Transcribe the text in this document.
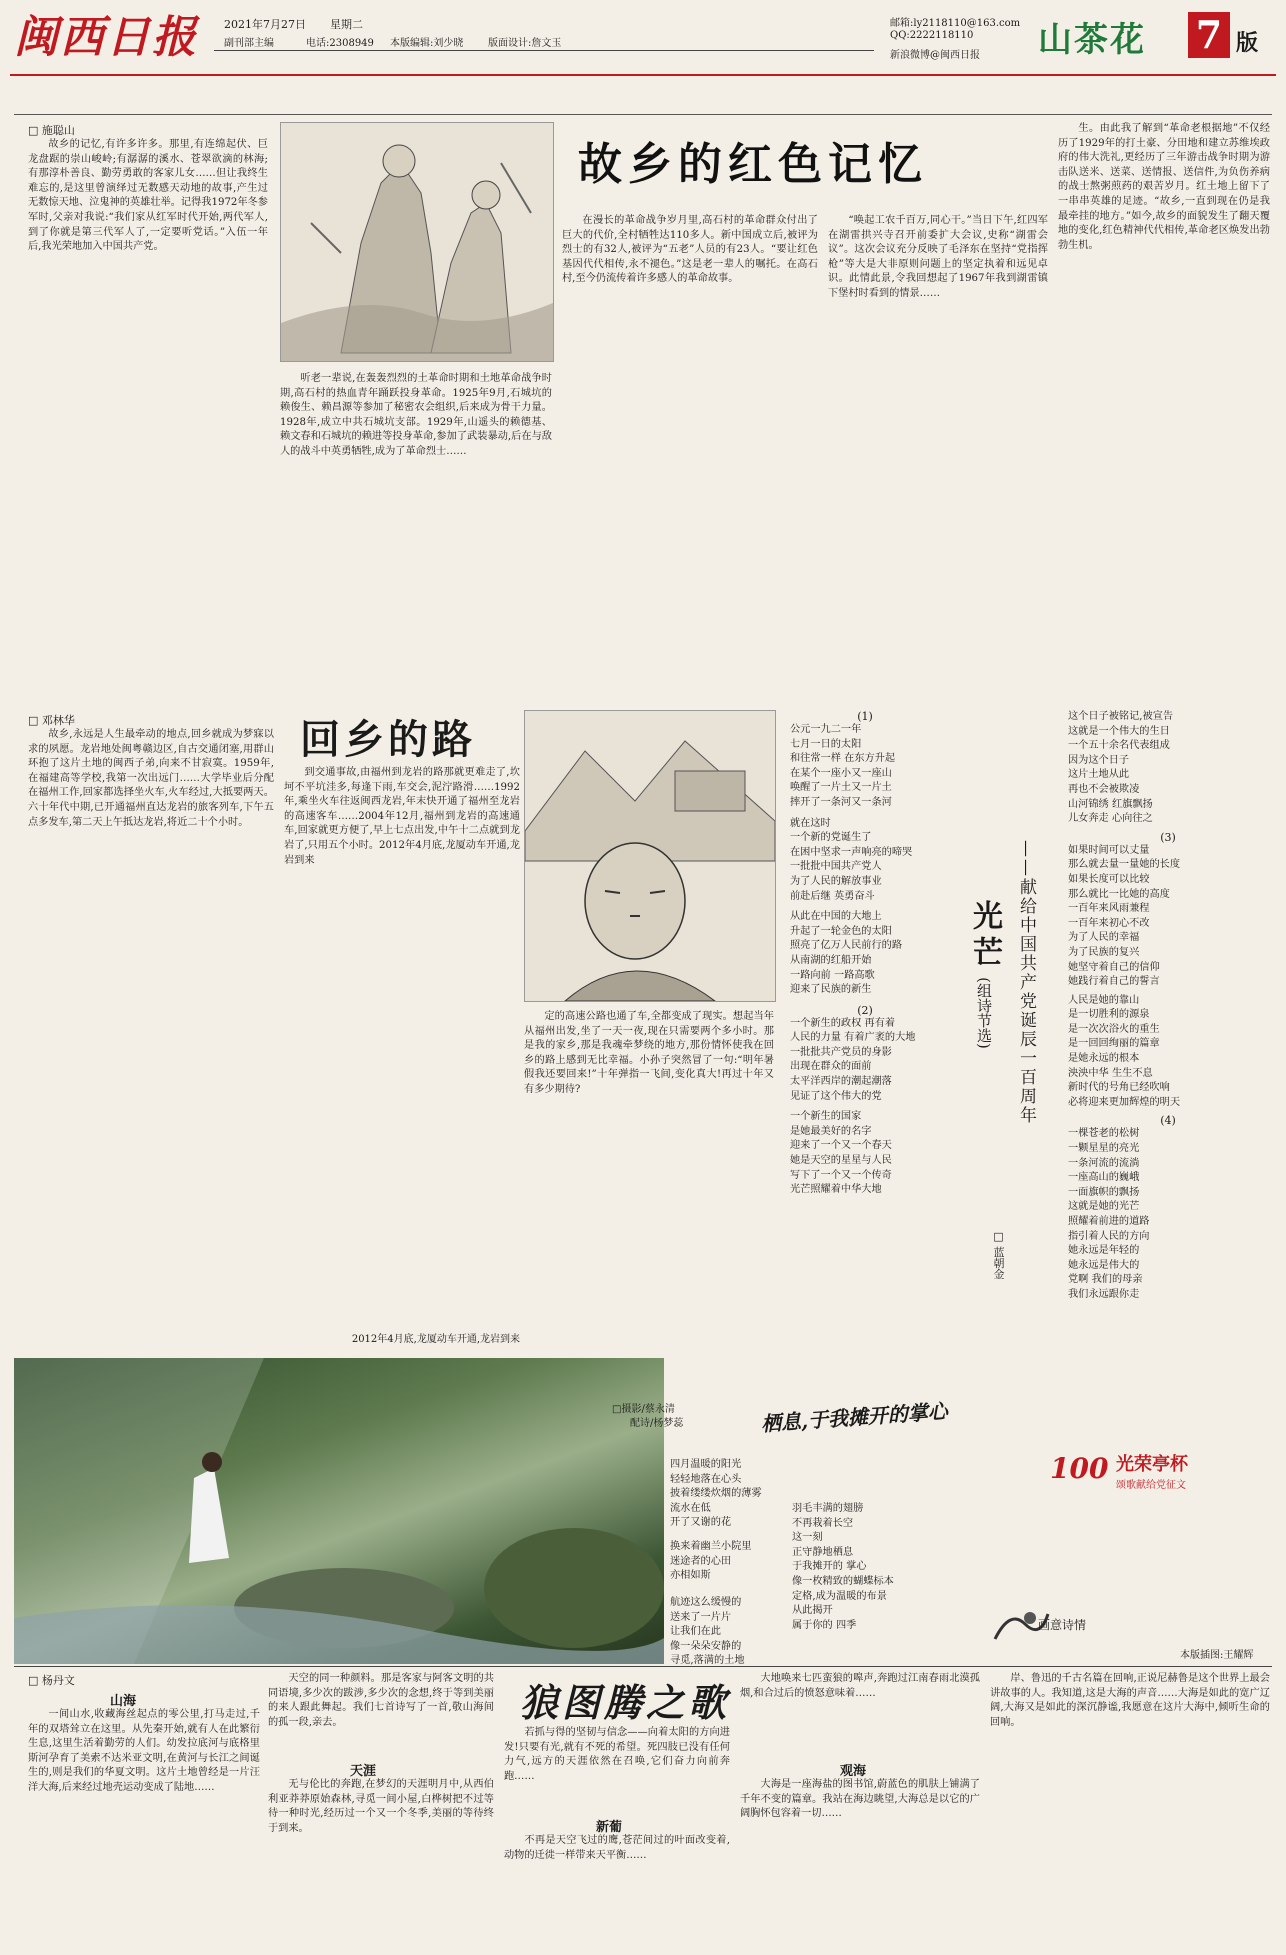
闽西日报 2021年7月27日 星期二
副刊部主编	电话:2308949 本版编辑:刘少晓 版面设计:詹文玉
邮箱:ly2118110@163.com
QQ:2222118110
新浪微博@闽西日报 山茶花 7 版
□ 施聪山

故乡的记忆,有许多许多。那里,有连绵起伏、巨龙盘踞的崇山峻岭;有潺潺的溪水、苍翠欲滴的林海;有那淳朴善良、勤劳勇敢的客家儿女……但让我终生难忘的,是这里曾演绎过无数感天动地的故事,产生过无数惊天地、泣鬼神的英雄壮举。记得我1972年冬参军时,父亲对我说:“我们家从红军时代开始,两代军人,到了你就是第三代军人了,一定要听党话。”入伍一年后,我光荣地加入中国共产党。

故乡的红色记忆

听老一辈说,在轰轰烈烈的土革命时期和土地革命战争时期,高石村的热血青年踊跃投身革命。1925年9月,石城坑的赖俊生、赖昌源等参加了秘密农会组织,后来成为骨干力量。1928年,成立中共石城坑支部。1929年,山遥头的赖德基、赖文春和石城坑的赖进等投身革命,参加了武装暴动,后在与敌人的战斗中英勇牺牲,成为了革命烈士……

在漫长的革命战争岁月里,高石村的革命群众付出了巨大的代价,全村牺牲达110多人。新中国成立后,被评为烈士的有32人,被评为“五老”人员的有23人。“要让红色基因代代相传,永不褪色。”这是老一辈人的嘱托。在高石村,至今仍流传着许多感人的革命故事。

“唤起工农千百万,同心干。”当日下午,红四军在湖雷拱兴寺召开前委扩大会议,史称“湖雷会议”。这次会议充分反映了毛泽东在坚持“党指挥枪”等大是大非原则问题上的坚定执着和远见卓识。此情此景,令我回想起了1967年我到湖雷镇下堡村时看到的情景……

生。由此我了解到“革命老根据地”不仅经历了1929年的打土豪、分田地和建立苏维埃政府的伟大洗礼,更经历了三年游击战争时期为游击队送米、送菜、送情报、送信件,为负伤养病的战士熬粥煎药的艰苦岁月。红土地上留下了一串串英雄的足迹。“故乡,一直到现在仍是我最牵挂的地方。”如今,故乡的面貌发生了翻天覆地的变化,红色精神代代相传,革命老区焕发出勃勃生机。

□ 邓林华	回乡的路

故乡,永远是人生最牵动的地点,回乡就成为梦寐以求的夙愿。龙岩地处闽粤赣边区,自古交通闭塞,用群山环抱了这片土地的闽西子弟,向来不甘寂寞。1959年,在福建高等学校,我第一次出远门……大学毕业后分配在福州工作,回家都选择坐火车,火车经过,大抵要两天。六十年代中期,已开通福州直达龙岩的旅客列车,下午五点多发车,第二天上午抵达龙岩,将近二十个小时。

到交通事故,由福州到龙岩的路那就更难走了,坎坷不平坑洼多,每逢下雨,车交会,泥泞路滑……1992年,乘坐火车往返闽西龙岩,年末快开通了福州至龙岩的高速客车……2004年12月,福州到龙岩的高速通车,回家就更方便了,早上七点出发,中午十二点就到龙岩了,只用五个小时。2012年4月底,龙厦动车开通,龙岩到来

2012年4月底,龙厦动车开通,龙岩到来

定的高速公路也通了车,全都变成了现实。想起当年从福州出发,坐了一天一夜,现在只需要两个多小时。那是我的家乡,那是我魂牵梦绕的地方,那份情怀使我在回乡的路上感到无比幸福。小孙子突然冒了一句:“明年暑假我还要回来!”十年弹指一飞间,变化真大!再过十年又有多少期待?

(1)
公元一九二一年
七月一日的太阳
和往常一样 在东方升起
在某个一座小又一座山
唤醒了一片土又一片土
摔开了一条河又一条河
就在这时
一个新的党诞生了
在困中坚求一声响亮的啼哭
一批批中国共产党人
为了人民的解放事业
前赴后继 英勇奋斗
从此在中国的大地上
升起了一轮金色的太阳
照亮了亿万人民前行的路
从南湖的红船开始
一路向前 一路高歌
迎来了民族的新生
(2)
一个新生的政权 再有着
人民的力量 有着广袤的大地
一批批共产党员的身影
出现在群众的面前
太平洋西岸的潮起潮落
见证了这个伟大的党
一个新生的国家
是她最美好的名字
迎来了一个又一个春天
她是天空的星星与人民
写下了一个又一个传奇
光芒照耀着中华大地
光芒 (组诗节选)	——献给中国共产党诞辰一百周年
□ 蓝朝金
这个日子被铭记,被宣告
这就是一个伟大的生日
一个五十余名代表组成
因为这个日子
这片土地从此
再也不会被欺凌
山河锦绣 红旗飘扬
儿女奔走 心向往之
(3)
如果时间可以丈量
那么就去量一量她的长度
如果长度可以比较
那么就比一比她的高度
一百年来风雨兼程
一百年来初心不改
为了人民的幸福
为了民族的复兴
她坚守着自己的信仰
她践行着自己的誓言
人民是她的靠山
是一切胜利的源泉
是一次次浴火的重生
是一回回绚丽的篇章
是她永远的根本
泱泱中华 生生不息
新时代的号角已经吹响
必将迎来更加辉煌的明天
(4)
一棵苍老的松树
一颗星星的亮光
一条河流的流淌
一座高山的巍峨
一面旗帜的飘扬
这就是她的光芒
照耀着前进的道路
指引着人民的方向
她永远是年轻的
她永远是伟大的
党啊 我们的母亲
我们永远跟你走
□摄影/蔡永清
配诗/杨梦蕊	栖息,于我摊开的掌心
四月温暖的阳光
轻轻地落在心头
披着缕缕炊烟的薄雾
流水在低
开了又谢的花
换来着幽兰小院里
迷途者的心田
亦相如斯
航迹这么缓慢的
送来了一片片
让我们在此
像一朵朵安静的
寻觅,落满的土地
羽毛丰满的翅膀
不再栽着长空
这一刻
正守静地栖息
于我摊开的 掌心
像一枚精致的蝴蝶标本
定格,成为温暖的布景
从此揭开
属于你的 四季
100 光荣亭杯
颂歌献给党征文
画意诗情
本版插图:王耀辉
□ 杨丹文
山海

一间山水,收藏海丝起点的零公里,打马走过,千年的双塔耸立在这里。从先秦开始,就有人在此繁衍生息,这里生活着勤劳的人们。幼发拉底河与底格里斯河孕育了美索不达米亚文明,在黄河与长江之间诞生的,则是我们的华夏文明。这片土地曾经是一片汪洋大海,后来经过地壳运动变成了陆地……

天空的同一种颜料。那是客家与阿客文明的共同语境,多少次的跋涉,多少次的念想,终于等到美丽的来人跟此舞起。我们七首诗写了一首,敬山海间的孤一段,亲去。

天涯

无与伦比的奔跑,在梦幻的天涯明月中,从西伯利亚莽莽原始森林,寻觅一间小屋,白桦树把不过等待一种时光,经历过一个又一个冬季,美丽的等待终于到来。

狼图腾之歌

若抓与得的坚韧与信念——向着太阳的方向进发!只要有光,就有不死的希望。死四肢已没有任何力气,远方的天涯依然在召唤,它们奋力向前奔跑……

新葡

不再是天空飞过的鹰,苍茫间过的叶面改变着,动物的迁徙一样带来天平衡……

大地唤来七匹蛮狼的嗥声,奔跑过江南春雨北漠孤烟,和合过后的愤怒意味着……

观海

大海是一座海盐的图书馆,蔚蓝色的肌肤上铺满了千年不变的篇章。我站在海边眺望,大海总是以它的广阔胸怀包容着一切……

岸、鲁迅的千古名篇在回响,正说尼赫鲁是这个世界上最会讲故事的人。我知道,这是大海的声音……大海是如此的宽广辽阔,大海又是如此的深沉静谧,我愿意在这片大海中,倾听生命的回响。
